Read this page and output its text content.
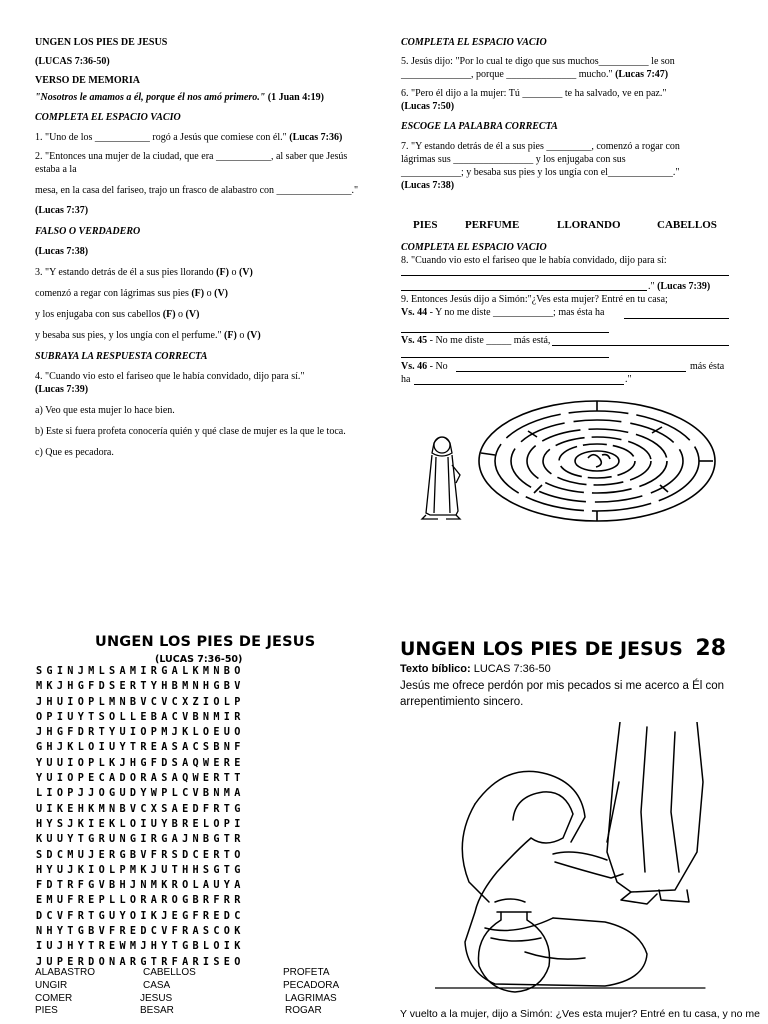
UNGEN LOS PIES DE JESUS

(LUCAS 7:36-50)

VERSO DE MEMORIA

"Nosotros le amamos a él, porque él nos amó primero." (1 Juan 4:19)

COMPLETA EL ESPACIO VACIO

1. "Uno de los ___________ rogó a Jesús que comiese con él." (Lucas 7:36)

2. "Entonces una mujer de la ciudad, que era ___________, al saber que Jesús estaba a la

mesa, en la casa del fariseo, trajo un frasco de alabastro con _______________."

(Lucas 7:37)

FALSO O VERDADERO

(Lucas 7:38)

3. "Y estando detrás de él a sus pies llorando (F) o (V)

comenzó a regar con lágrimas sus pies (F) o (V)

y los enjugaba con sus cabellos (F) o (V)

y besaba sus pies, y los ungía con el perfume." (F) o (V)

SUBRAYA LA RESPUESTA CORRECTA

4. "Cuando vio esto el fariseo que le había convidado, dijo para sí."
(Lucas 7:39)

a) Veo que esta mujer lo hace bien.

b) Este si fuera profeta conocería quién y qué clase de mujer es la que le toca.

c) Que es pecadora.

COMPLETA EL ESPACIO VACIO

5. Jesús dijo: "Por lo cual te digo que sus muchos__________ le son

______________, porque ______________ mucho." (Lucas 7:47)

6. "Pero él dijo a la mujer: Tú ________ te ha salvado, ve en paz."

(Lucas 7:50)

ESCOGE LA PALABRA CORRECTA

7. "Y estando detrás de él a sus pies _________, comenzó a rogar con

lágrimas sus ________________ y los enjugaba con sus

____________; y besaba sus pies y los ungía con el_____________."

(Lucas 7:38)

PIES	PERFUME	LLORANDO	CABELLOS

COMPLETA EL ESPACIO VACIO

8. "Cuando vio esto el fariseo que le había convidado, dijo para sí:

." (Lucas 7:39)

9. Entonces Jesús dijo a Simón:"¿Ves esta mujer? Entré en tu casa;

Vs. 44 - Y no me diste ____________; mas ésta ha

Vs. 45 - No me diste _____ más está,

Vs. 46 - No	más ésta

ha	."

UNGEN LOS PIES DE JESUS
(LUCAS 7:36-50)
SGINJMLSAMIRGALKMNBO
MKJHGFDSERTYHBMNHGBV
JHUIOPLMNBVCVCXZIOLP
OPIUYTSOLLEBACVBNMIR
JHGFDRTYUIOPMJKLOEUO
GHJKLOIUYTREASACSBNF
YUUIOPLKJHGFDSAQWERE
YUIOPECADORASAQWERTT
LIOPJJOGUDYWPLCVBNMA
UIKEHKMNBVCXSAEDFRTG
HYSJKIEKLOIUYBRELOPI
KUUYTGRUNGIRGAJNBGTR
SDCMUJERGBVFRSDCERTO
HYUJKIOLPMKJUTHHSGTG
FDTRFGVBHJNMKROLAUYA
EMUFREPLLORAROGBRFRR
DCVFRTGUYOIKJEGFREDC
NHYTGBVFREDCVFRASCOK
IUJHYTREWMJHYTGBLOIK
JUPERDONARGTRFARISEO
ALABASTRO	CABELLOS	PROFETA
UNGIR	CASA	PECADORA
COMER	JESUS	LAGRIMAS
PIES	BESAR	ROGAR
UNGEN LOS PIES DE JESUS 28
Texto bíblico: LUCAS 7:36-50
Jesús me ofrece perdón por mis pecados si me acerco a Él con arrepentimiento sincero.
Y vuelto a la mujer, dijo a Simón: ¿Ves esta mujer? Entré en tu casa, y no me
